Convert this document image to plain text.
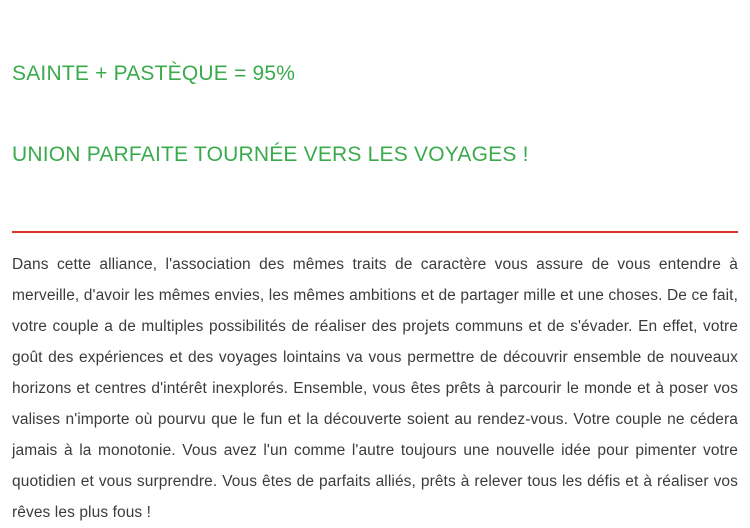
SAINTE + PASTÈQUE = 95%

UNION PARFAITE TOURNÉE VERS LES VOYAGES !

Dans cette alliance, l'association des mêmes traits de caractère vous assure de vous entendre à merveille, d'avoir les mêmes envies, les mêmes ambitions et de partager mille et une choses. De ce fait, votre couple a de multiples possibilités de réaliser des projets communs et de s'évader. En effet, votre goût des expériences et des voyages lointains va vous permettre de découvrir ensemble de nouveaux horizons et centres d'intérêt inexplorés. Ensemble, vous êtes prêts à parcourir le monde et à poser vos valises n'importe où pourvu que le fun et la découverte soient au rendez-vous. Votre couple ne cédera jamais à la monotonie. Vous avez l'un comme l'autre toujours une nouvelle idée pour pimenter votre quotidien et vous surprendre. Vous êtes de parfaits alliés, prêts à relever tous les défis et à réaliser vos rêves les plus fous !
